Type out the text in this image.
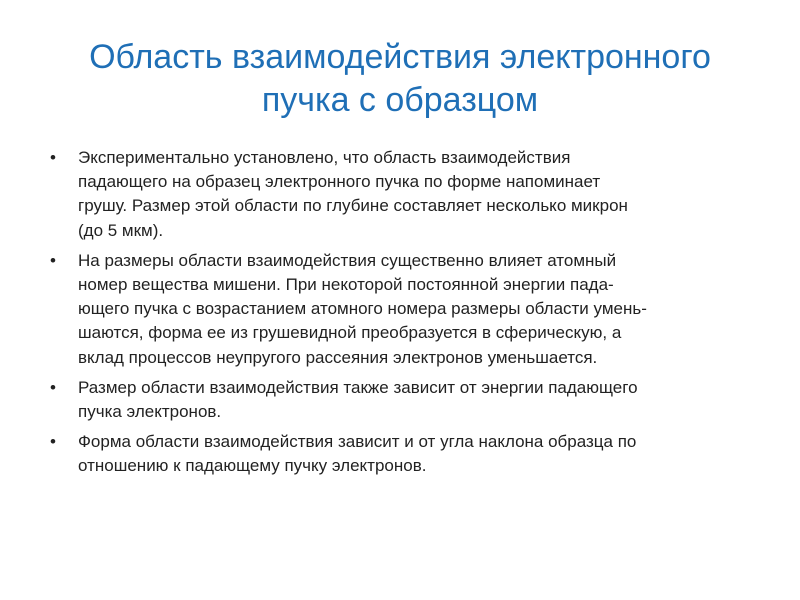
Область взаимодействия электронного
пучка с образцом
• Экспериментально установлено, что область взаимодействия
падающего на образец электронного пучка по форме напоминает
грушу. Размер этой области по глубине составляет несколько микрон
(до 5 мкм).
• На размеры области взаимодействия существенно влияет атомный
номер вещества мишени. При некоторой постоянной энергии пада-
ющего пучка с возрастанием атомного номера размеры области умень-
шаются, форма ее из грушевидной преобразуется в сферическую, а
вклад процессов неупругого рассеяния электронов уменьшается.
• Размер области взаимодействия также зависит от энергии падающего
пучка электронов.
• Форма области взаимодействия зависит и от угла наклона образца по
отношению к падающему пучку электронов.
